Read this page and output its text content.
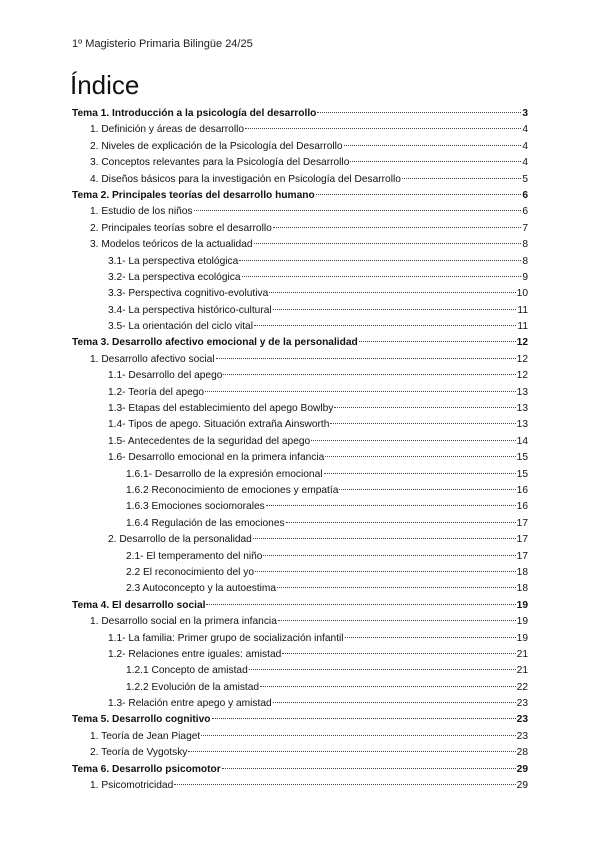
1º Magisterio Primaria Bilingüe 24/25
Índice
Tema 1. Introducción a la psicología del desarrollo	3
1. Definición y áreas de desarrollo	4
2. Niveles de explicación de la Psicología del Desarrollo	4
3. Conceptos relevantes para la Psicología del Desarrollo	4
4. Diseños básicos para la investigación en Psicología del Desarrollo	5
Tema 2. Principales teorías del desarrollo humano	6
1. Estudio de los niños	6
2. Principales teorías sobre el desarrollo	7
3. Modelos teóricos de la actualidad	8
3.1- La perspectiva etológica	8
3.2- La perspectiva ecológica	9
3.3- Perspectiva cognitivo-evolutiva	10
3.4- La perspectiva histórico-cultural	11
3.5- La orientación del ciclo vital	11
Tema 3. Desarrollo afectivo emocional y de la personalidad	12
1. Desarrollo afectivo social	12
1.1- Desarrollo del apego	12
1.2- Teoría del apego	13
1.3- Etapas del establecimiento del apego Bowlby	13
1.4- Tipos de apego. Situación extraña Ainsworth	13
1.5- Antecedentes de la seguridad del apego	14
1.6- Desarrollo emocional en la primera infancia	15
1.6.1- Desarrollo de la expresión emocional	15
1.6.2 Reconocimiento de emociones y empatía	16
1.6.3 Emociones sociomorales	16
1.6.4 Regulación de las emociones	17
2. Desarrollo de la personalidad	17
2.1- El temperamento del niño	17
2.2 El reconocimiento del yo	18
2.3 Autoconcepto y la autoestima	18
Tema 4. El desarrollo social	19
1. Desarrollo social en la primera infancia	19
1.1- La familia: Primer grupo de socialización infantil	19
1.2- Relaciones entre iguales: amistad	21
1.2.1 Concepto de amistad	21
1.2.2 Evolución de la amistad	22
1.3- Relación entre apego y amistad	23
Tema 5. Desarrollo cognitivo	23
1. Teoría de Jean Piaget	23
2. Teoría de Vygotsky	28
Tema 6. Desarrollo psicomotor	29
1. Psicomotricidad	29
